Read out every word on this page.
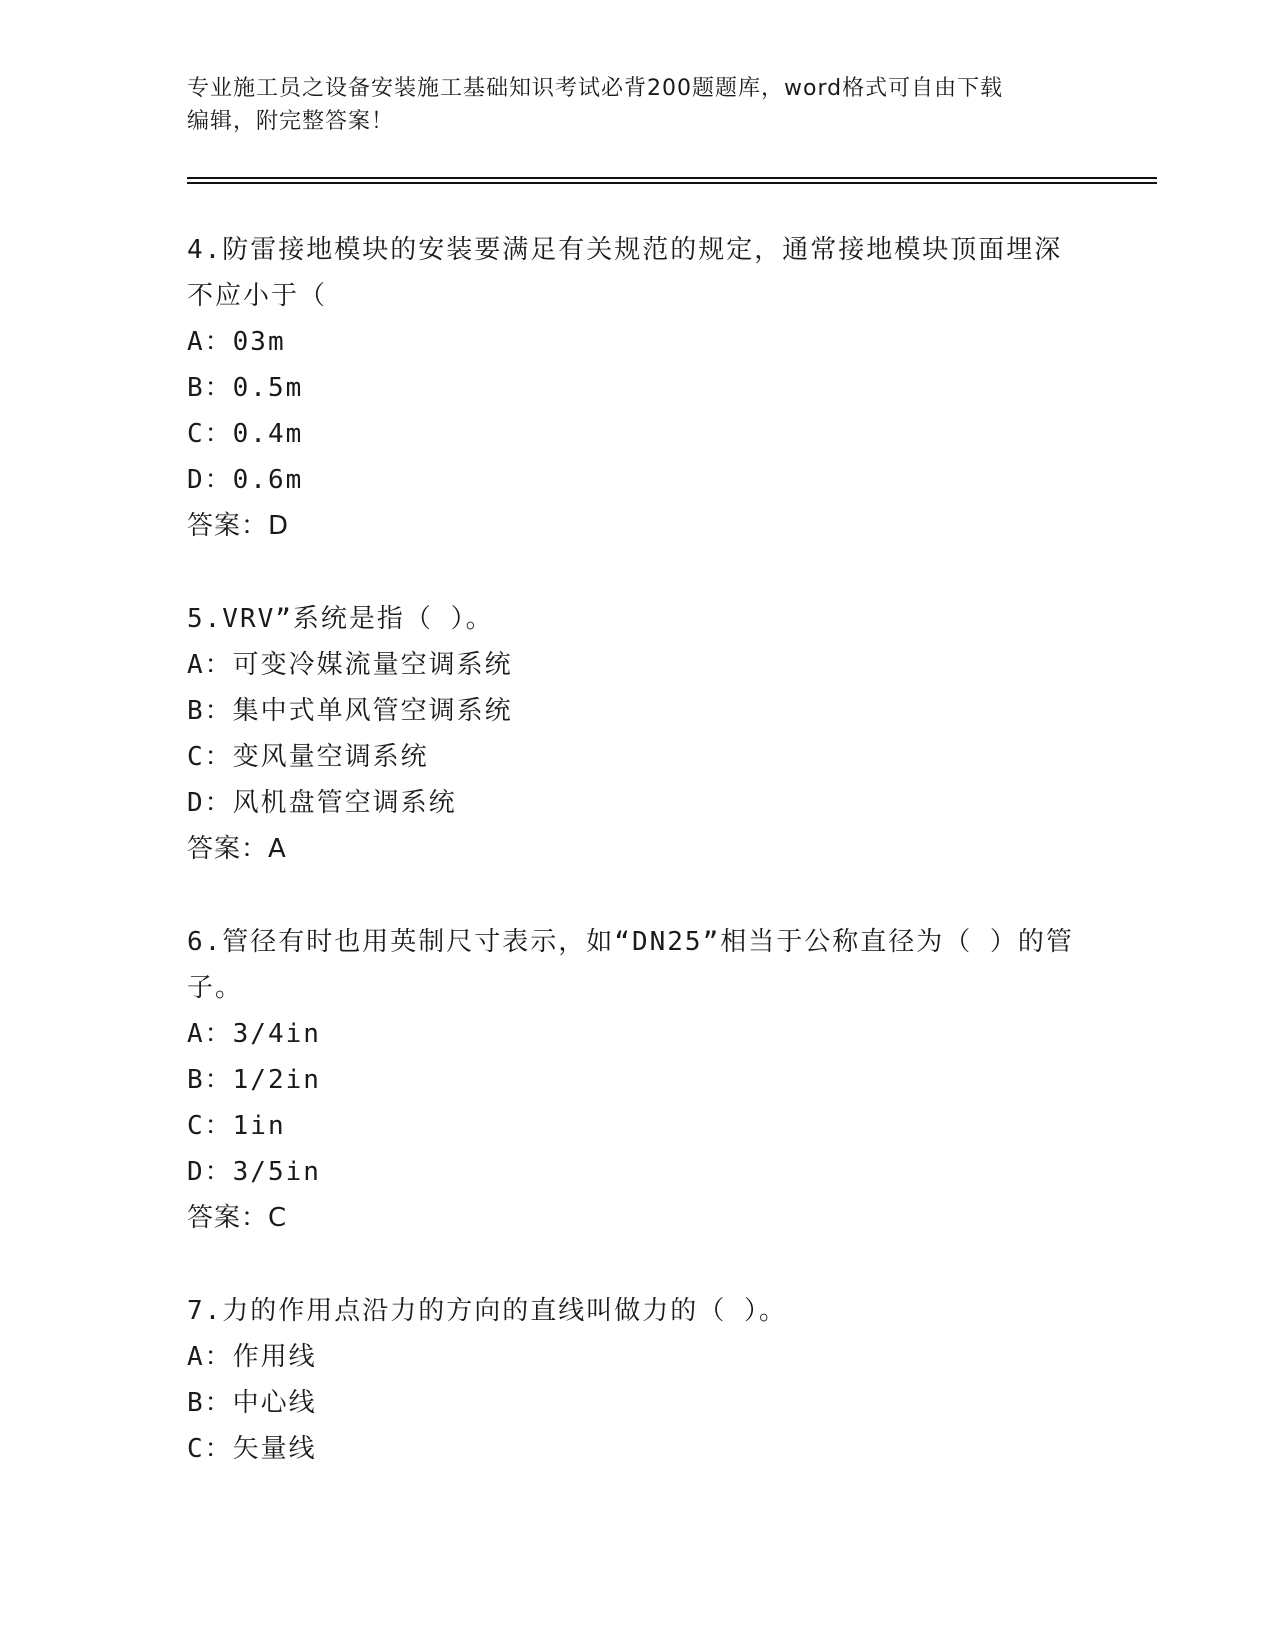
专业施工员之设备安装施工基础知识考试必背200题题库，word格式可自由下载
编辑，附完整答案！
4.防雷接地模块的安装要满足有关规范的规定，通常接地模块顶面埋深不应小于（
A：03m
B：0.5m
C：0.4m
D：0.6m
答案：D
5.VRV”系统是指（ ）。
A：可变冷媒流量空调系统
B：集中式单风管空调系统
C：变风量空调系统
D：风机盘管空调系统
答案：A
6.管径有时也用英制尺寸表示，如“DN25”相当于公称直径为（ ）的管子。
A：3/4in
B：1/2in
C：1in
D：3/5in
答案：C
7.力的作用点沿力的方向的直线叫做力的（ ）。
A：作用线
B：中心线
C：矢量线
